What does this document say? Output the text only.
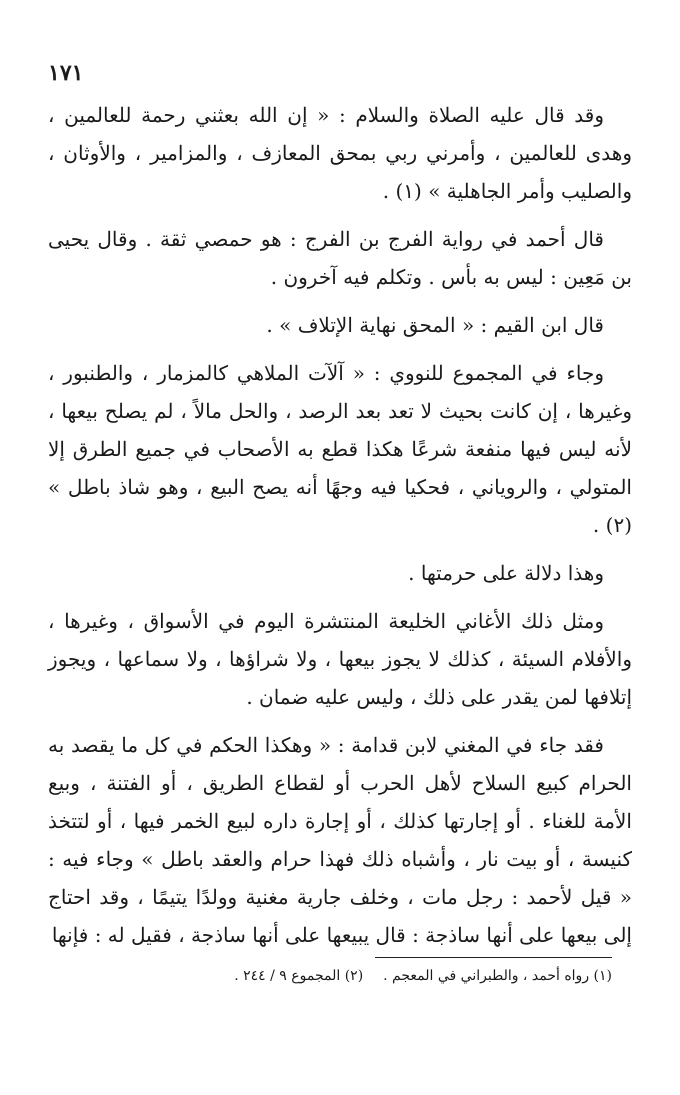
١٧١

وقد قال عليه الصلاة والسلام : « إن الله بعثني رحمة للعالمين ، وهدى للعالمين ، وأمرني ربي بمحق المعازف ، والمزامير ، والأوثان ، والصليب وأمر الجاهلية » (١) .

قال أحمد في رواية الفرج بن الفرج : هو حمصي ثقة . وقال يحيى بن مَعِين : ليس به بأس . وتكلم فيه آخرون .

قال ابن القيم : « المحق نهاية الإتلاف » .

وجاء في المجموع للنووي : « آلآت الملاهي كالمزمار ، والطنبور ، وغيرها ، إن كانت بحيث لا تعد بعد الرصد ، والحل مالاً ، لم يصلح بيعها ، لأنه ليس فيها منفعة شرعًا هكذا قطع به الأصحاب في جميع الطرق إلا المتولي ، والروياني ، فحكيا فيه وجهًا أنه يصح البيع ، وهو شاذ باطل » (٢) .

وهذا دلالة على حرمتها .

ومثل ذلك الأغاني الخليعة المنتشرة اليوم في الأسواق ، وغيرها ، والأفلام السيئة ، كذلك لا يجوز بيعها ، ولا شراؤها ، ولا سماعها ، ويجوز إتلافها لمن يقدر على ذلك ، وليس عليه ضمان .

فقد جاء في المغني لابن قدامة : « وهكذا الحكم في كل ما يقصد به الحرام كبيع السلاح لأهل الحرب أو لقطاع الطريق ، أو الفتنة ، وبيع الأمة للغناء . أو إجارتها كذلك ، أو إجارة داره لبيع الخمر فيها ، أو لتتخذ كنيسة ، أو بيت نار ، وأشباه ذلك فهذا حرام والعقد باطل » وجاء فيه : « قيل لأحمد : رجل مات ، وخلف جارية مغنية وولدًا يتيمًا ، وقد احتاج إلى بيعها على أنها ساذجة : قال يبيعها على أنها ساذجة ، فقيل له : فإنها

(١) رواه أحمد ، والطبراني في المعجم .
(٢) المجموع ٩ / ٢٤٤ .
